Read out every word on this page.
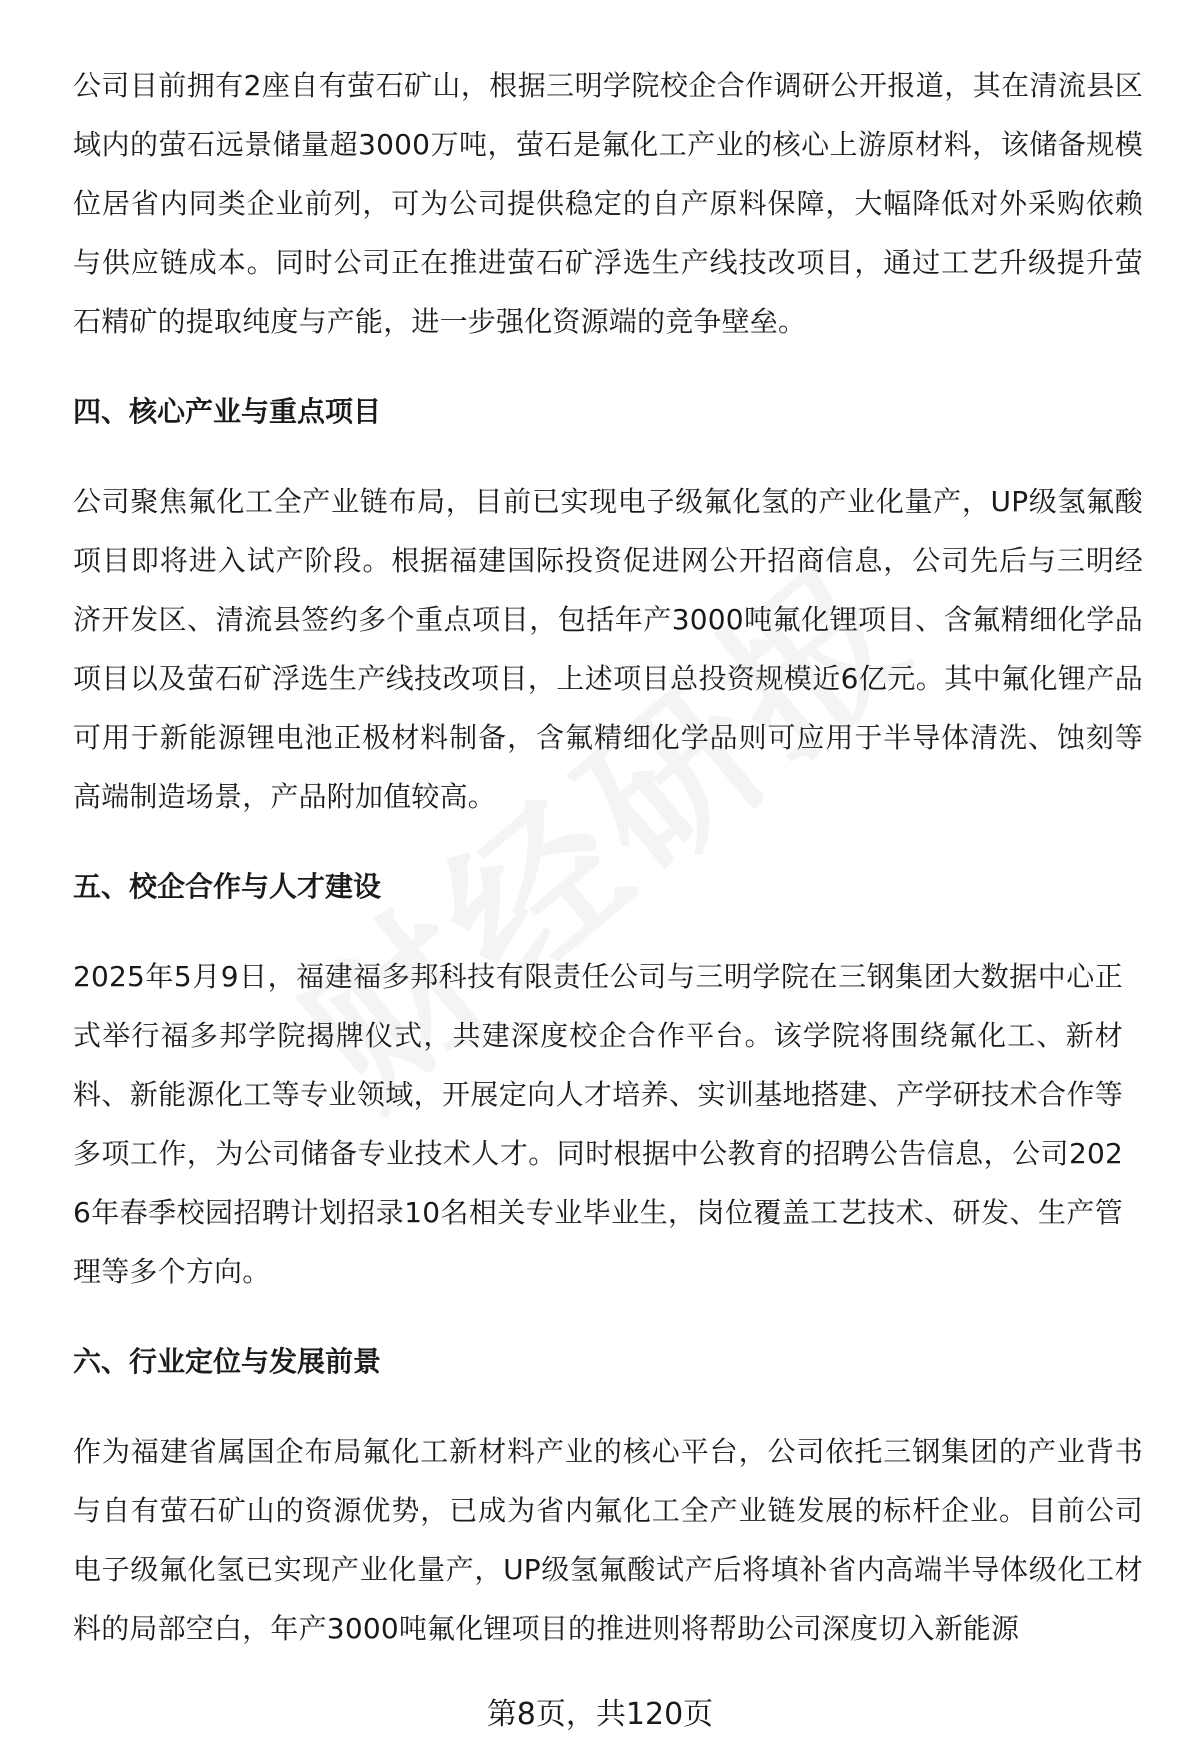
公司目前拥有2座自有萤石矿山，根据三明学院校企合作调研公开报道，其在清流县区域内的萤石远景储量超3000万吨，萤石是氟化工产业的核心上游原材料，该储备规模位居省内同类企业前列，可为公司提供稳定的自产原料保障，大幅降低对外采购依赖与供应链成本。同时公司正在推进萤石矿浮选生产线技改项目，通过工艺升级提升萤石精矿的提取纯度与产能，进一步强化资源端的竞争壁垒。

四、核心产业与重点项目

公司聚焦氟化工全产业链布局，目前已实现电子级氟化氢的产业化量产，UP级氢氟酸项目即将进入试产阶段。根据福建国际投资促进网公开招商信息，公司先后与三明经济开发区、清流县签约多个重点项目，包括年产3000吨氟化锂项目、含氟精细化学品项目以及萤石矿浮选生产线技改项目，上述项目总投资规模近6亿元。其中氟化锂产品可用于新能源锂电池正极材料制备，含氟精细化学品则可应用于半导体清洗、蚀刻等高端制造场景，产品附加值较高。

五、校企合作与人才建设

2025年5月9日，福建福多邦科技有限责任公司与三明学院在三钢集团大数据中心正式举行福多邦学院揭牌仪式，共建深度校企合作平台。该学院将围绕氟化工、新材料、新能源化工等专业领域，开展定向人才培养、实训基地搭建、产学研技术合作等多项工作，为公司储备专业技术人才。同时根据中公教育的招聘公告信息，公司2026年春季校园招聘计划招录10名相关专业毕业生，岗位覆盖工艺技术、研发、生产管理等多个方向。

六、行业定位与发展前景

作为福建省属国企布局氟化工新材料产业的核心平台，公司依托三钢集团的产业背书与自有萤石矿山的资源优势，已成为省内氟化工全产业链发展的标杆企业。目前公司电子级氟化氢已实现产业化量产，UP级氢氟酸试产后将填补省内高端半导体级化工材料的局部空白，年产3000吨氟化锂项目的推进则将帮助公司深度切入新能源

第8页，共120页
